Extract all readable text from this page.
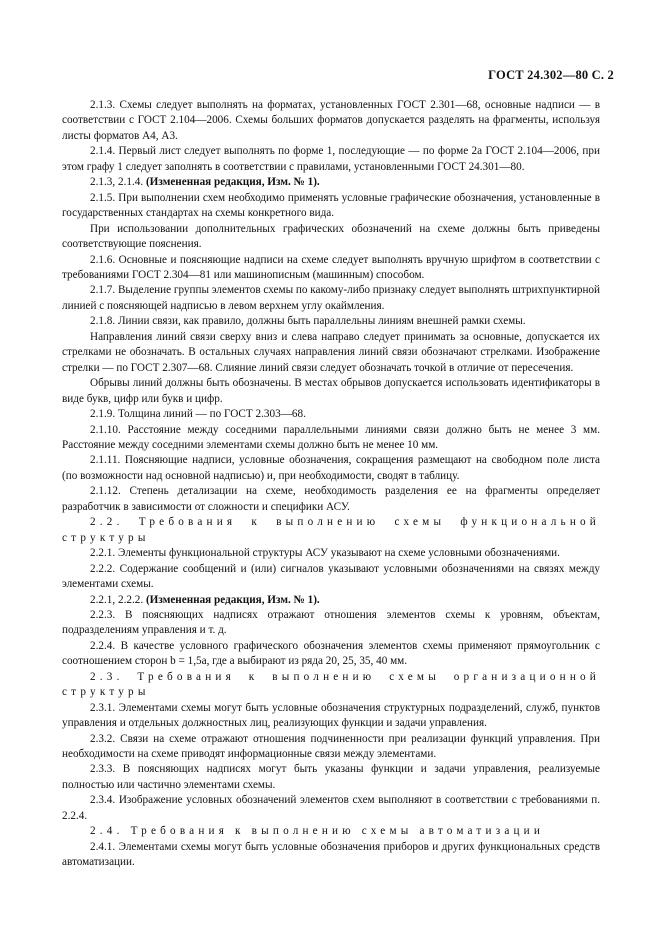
ГОСТ 24.302—80 С. 2

2.1.3. Схемы следует выполнять на форматах, установленных ГОСТ 2.301—68, основные надписи — в соответствии с ГОСТ 2.104—2006. Схемы больших форматов допускается разделять на фрагменты, используя листы форматов А4, А3.

2.1.4. Первый лист следует выполнять по форме 1, последующие — по форме 2а ГОСТ 2.104—2006, при этом графу 1 следует заполнять в соответствии с правилами, установленными ГОСТ 24.301—80.

2.1.3, 2.1.4. (Измененная редакция, Изм. № 1).

2.1.5. При выполнении схем необходимо применять условные графические обозначения, установленные в государственных стандартах на схемы конкретного вида.

При использовании дополнительных графических обозначений на схеме должны быть приведены соответствующие пояснения.

2.1.6. Основные и поясняющие надписи на схеме следует выполнять вручную шрифтом в соответствии с требованиями ГОСТ 2.304—81 или машинописным (машинным) способом.

2.1.7. Выделение группы элементов схемы по какому-либо признаку следует выполнять штрихпунктирной линией с поясняющей надписью в левом верхнем углу окаймления.

2.1.8. Линии связи, как правило, должны быть параллельны линиям внешней рамки схемы.

Направления линий связи сверху вниз и слева направо следует принимать за основные, допускается их стрелками не обозначать. В остальных случаях направления линий связи обозначают стрелками. Изображение стрелки — по ГОСТ 2.307—68. Слияние линий связи следует обозначать точкой в отличие от пересечения.

Обрывы линий должны быть обозначены. В местах обрывов допускается использовать идентификаторы в виде букв, цифр или букв и цифр.

2.1.9. Толщина линий — по ГОСТ 2.303—68.

2.1.10. Расстояние между соседними параллельными линиями связи должно быть не менее 3 мм. Расстояние между соседними элементами схемы должно быть не менее 10 мм.

2.1.11. Поясняющие надписи, условные обозначения, сокращения размещают на свободном поле листа (по возможности над основной надписью) и, при необходимости, сводят в таблицу.

2.1.12. Степень детализации на схеме, необходимость разделения ее на фрагменты определяет разработчик в зависимости от сложности и специфики АСУ.

2.2. Требования к выполнению схемы функциональной структуры

2.2.1. Элементы функциональной структуры АСУ указывают на схеме условными обозначениями.

2.2.2. Содержание сообщений и (или) сигналов указывают условными обозначениями на связях между элементами схемы.

2.2.1, 2.2.2. (Измененная редакция, Изм. № 1).

2.2.3. В поясняющих надписях отражают отношения элементов схемы к уровням, объектам, подразделениям управления и т. д.

2.2.4. В качестве условного графического обозначения элементов схемы применяют прямоугольник с соотношением сторон b = 1,5a, где a выбирают из ряда 20, 25, 35, 40 мм.

2.3. Требования к выполнению схемы организационной структуры

2.3.1. Элементами схемы могут быть условные обозначения структурных подразделений, служб, пунктов управления и отдельных должностных лиц, реализующих функции и задачи управления.

2.3.2. Связи на схеме отражают отношения подчиненности при реализации функций управления. При необходимости на схеме приводят информационные связи между элементами.

2.3.3. В поясняющих надписях могут быть указаны функции и задачи управления, реализуемые полностью или частично элементами схемы.

2.3.4. Изображение условных обозначений элементов схем выполняют в соответствии с требованиями п. 2.2.4.

2.4. Требования к выполнению схемы автоматизации

2.4.1. Элементами схемы могут быть условные обозначения приборов и других функциональных средств автоматизации.
